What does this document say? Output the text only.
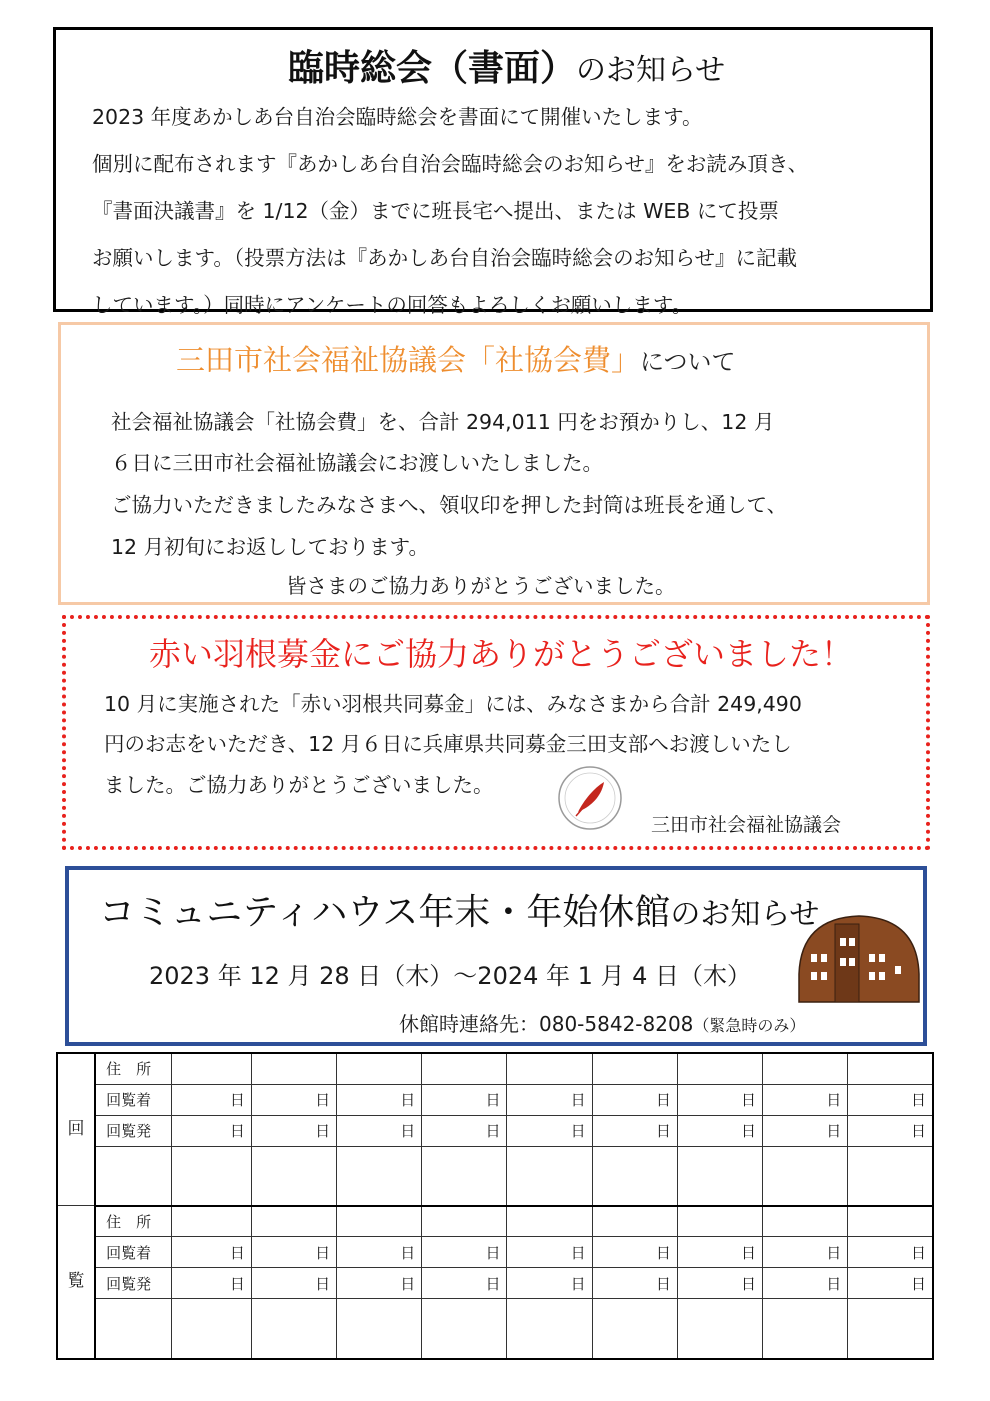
臨時総会（書面）のお知らせ
2023 年度あかしあ台自治会臨時総会を書面にて開催いたします。
個別に配布されます『あかしあ台自治会臨時総会のお知らせ』をお読み頂き、
『書面決議書』を 1/12（金）までに班長宅へ提出、または WEB にて投票
お願いします。（投票方法は『あかしあ台自治会臨時総会のお知らせ』に記載
しています。）同時にアンケートの回答もよろしくお願いします。
三田市社会福祉協議会「社協会費」について
社会福祉協議会「社協会費」を、合計 294,011 円をお預かりし、12 月
６日に三田市社会福祉協議会にお渡しいたしました。
ご協力いただきましたみなさまへ、領収印を押した封筒は班長を通して、
12 月初旬にお返ししております。
皆さまのご協力ありがとうございました。
赤い羽根募金にご協力ありがとうございました！
10 月に実施された「赤い羽根共同募金」には、みなさまから合計 249,490
円のお志をいただき、12 月６日に兵庫県共同募金三田支部へお渡しいたし
ました。ご協力ありがとうございました。
三田市社会福祉協議会
コミュニティハウス年末・年始休館のお知らせ
2023 年 12 月 28 日（木）～2024 年 1 月 4 日（木）
休館時連絡先：080-5842-8208（緊急時のみ）
回	住　所									
	回覧着	日	日	日	日	日	日	日	日	日
	回覧発	日	日	日	日	日	日	日	日	日

覧	住　所									
	回覧着	日	日	日	日	日	日	日	日	日
	回覧発	日	日	日	日	日	日	日	日	日
